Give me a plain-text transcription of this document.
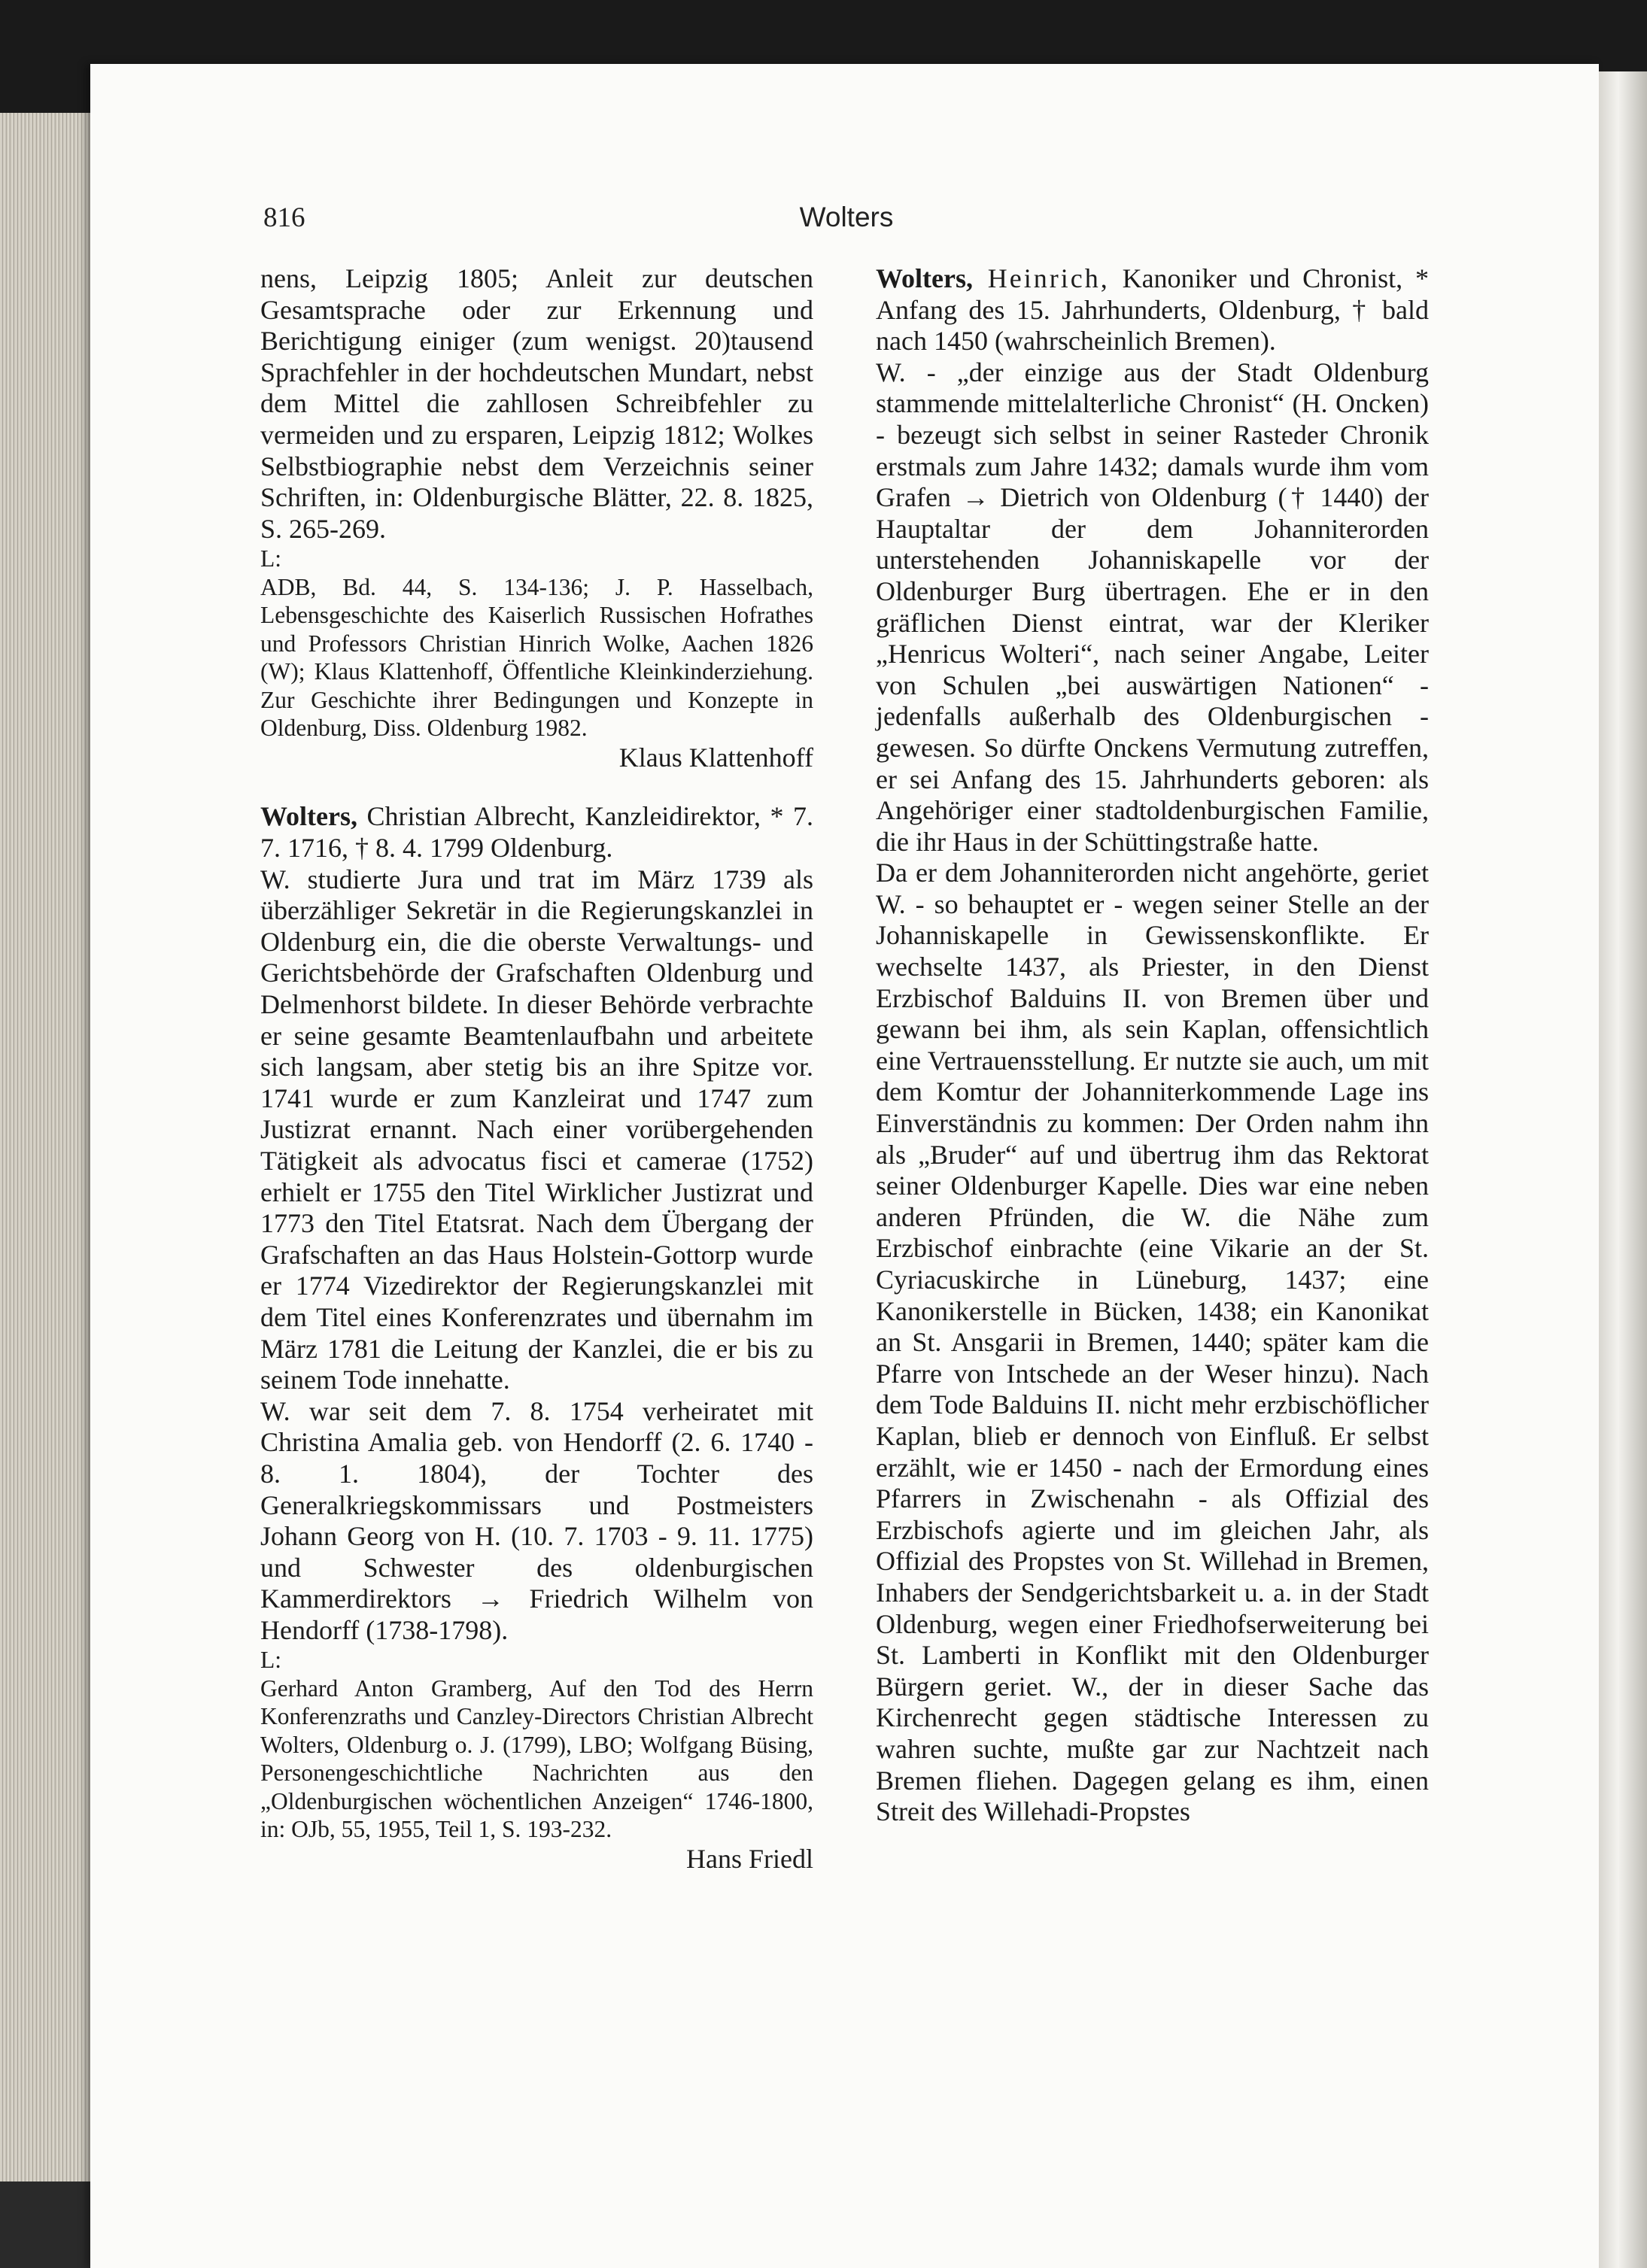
816	Wolters

nens, Leipzig 1805; Anleit zur deutschen Gesamtsprache oder zur Erkennung und Berichtigung einiger (zum wenigst. 20)tausend Sprachfehler in der hochdeutschen Mundart, nebst dem Mittel die zahllosen Schreibfehler zu vermeiden und zu ersparen, Leipzig 1812; Wolkes Selbstbiographie nebst dem Verzeichnis seiner Schriften, in: Oldenburgische Blätter, 22. 8. 1825, S. 265-269.

L:

ADB, Bd. 44, S. 134-136; J. P. Hasselbach, Lebensgeschichte des Kaiserlich Russischen Hofrathes und Professors Christian Hinrich Wolke, Aachen 1826 (W); Klaus Klattenhoff, Öffentliche Kleinkinderziehung. Zur Geschichte ihrer Bedingungen und Konzepte in Oldenburg, Diss. Oldenburg 1982.

Klaus Klattenhoff

Wolters, Christian Albrecht, Kanzleidirektor, * 7. 7. 1716, † 8. 4. 1799 Oldenburg.

W. studierte Jura und trat im März 1739 als überzähliger Sekretär in die Regierungskanzlei in Oldenburg ein, die die oberste Verwaltungs- und Gerichtsbehörde der Grafschaften Oldenburg und Delmenhorst bildete. In dieser Behörde verbrachte er seine gesamte Beamtenlaufbahn und arbeitete sich langsam, aber stetig bis an ihre Spitze vor. 1741 wurde er zum Kanzleirat und 1747 zum Justizrat ernannt. Nach einer vorübergehenden Tätigkeit als advocatus fisci et camerae (1752) erhielt er 1755 den Titel Wirklicher Justizrat und 1773 den Titel Etatsrat. Nach dem Übergang der Grafschaften an das Haus Holstein-Gottorp wurde er 1774 Vizedirektor der Regierungskanzlei mit dem Titel eines Konferenzrates und übernahm im März 1781 die Leitung der Kanzlei, die er bis zu seinem Tode innehatte.

W. war seit dem 7. 8. 1754 verheiratet mit Christina Amalia geb. von Hendorff (2. 6. 1740 - 8. 1. 1804), der Tochter des Generalkriegskommissars und Postmeisters Johann Georg von H. (10. 7. 1703 - 9. 11. 1775) und Schwester des oldenburgischen Kammerdirektors → Friedrich Wilhelm von Hendorff (1738-1798).

L:

Gerhard Anton Gramberg, Auf den Tod des Herrn Konferenzraths und Canzley-Directors Christian Albrecht Wolters, Oldenburg o. J. (1799), LBO; Wolfgang Büsing, Personengeschichtliche Nachrichten aus den „Oldenburgischen wöchentlichen Anzeigen“ 1746-1800, in: OJb, 55, 1955, Teil 1, S. 193-232.

Hans Friedl

Wolters, Heinrich, Kanoniker und Chronist, * Anfang des 15. Jahrhunderts, Oldenburg, † bald nach 1450 (wahrscheinlich Bremen).

W. - „der einzige aus der Stadt Oldenburg stammende mittelalterliche Chronist“ (H. Oncken) - bezeugt sich selbst in seiner Rasteder Chronik erstmals zum Jahre 1432; damals wurde ihm vom Grafen → Dietrich von Oldenburg († 1440) der Hauptaltar der dem Johanniterorden unterstehenden Johanniskapelle vor der Oldenburger Burg übertragen. Ehe er in den gräflichen Dienst eintrat, war der Kleriker „Henricus Wolteri“, nach seiner Angabe, Leiter von Schulen „bei auswärtigen Nationen“ - jedenfalls außerhalb des Oldenburgischen - gewesen. So dürfte Onckens Vermutung zutreffen, er sei Anfang des 15. Jahrhunderts geboren: als Angehöriger einer stadtoldenburgischen Familie, die ihr Haus in der Schüttingstraße hatte.

Da er dem Johanniterorden nicht angehörte, geriet W. - so behauptet er - wegen seiner Stelle an der Johanniskapelle in Gewissenskonflikte. Er wechselte 1437, als Priester, in den Dienst Erzbischof Balduins II. von Bremen über und gewann bei ihm, als sein Kaplan, offensichtlich eine Vertrauensstellung. Er nutzte sie auch, um mit dem Komtur der Johanniterkommende Lage ins Einverständnis zu kommen: Der Orden nahm ihn als „Bruder“ auf und übertrug ihm das Rektorat seiner Oldenburger Kapelle. Dies war eine neben anderen Pfründen, die W. die Nähe zum Erzbischof einbrachte (eine Vikarie an der St. Cyriacuskirche in Lüneburg, 1437; eine Kanonikerstelle in Bücken, 1438; ein Kanonikat an St. Ansgarii in Bremen, 1440; später kam die Pfarre von Intschede an der Weser hinzu). Nach dem Tode Balduins II. nicht mehr erzbischöflicher Kaplan, blieb er dennoch von Einfluß. Er selbst erzählt, wie er 1450 - nach der Ermordung eines Pfarrers in Zwischenahn - als Offizial des Erzbischofs agierte und im gleichen Jahr, als Offizial des Propstes von St. Willehad in Bremen, Inhabers der Sendgerichtsbarkeit u. a. in der Stadt Oldenburg, wegen einer Friedhofserweiterung bei St. Lamberti in Konflikt mit den Oldenburger Bürgern geriet. W., der in dieser Sache das Kirchenrecht gegen städtische Interessen zu wahren suchte, mußte gar zur Nachtzeit nach Bremen fliehen. Dagegen gelang es ihm, einen Streit des Willehadi-Propstes
